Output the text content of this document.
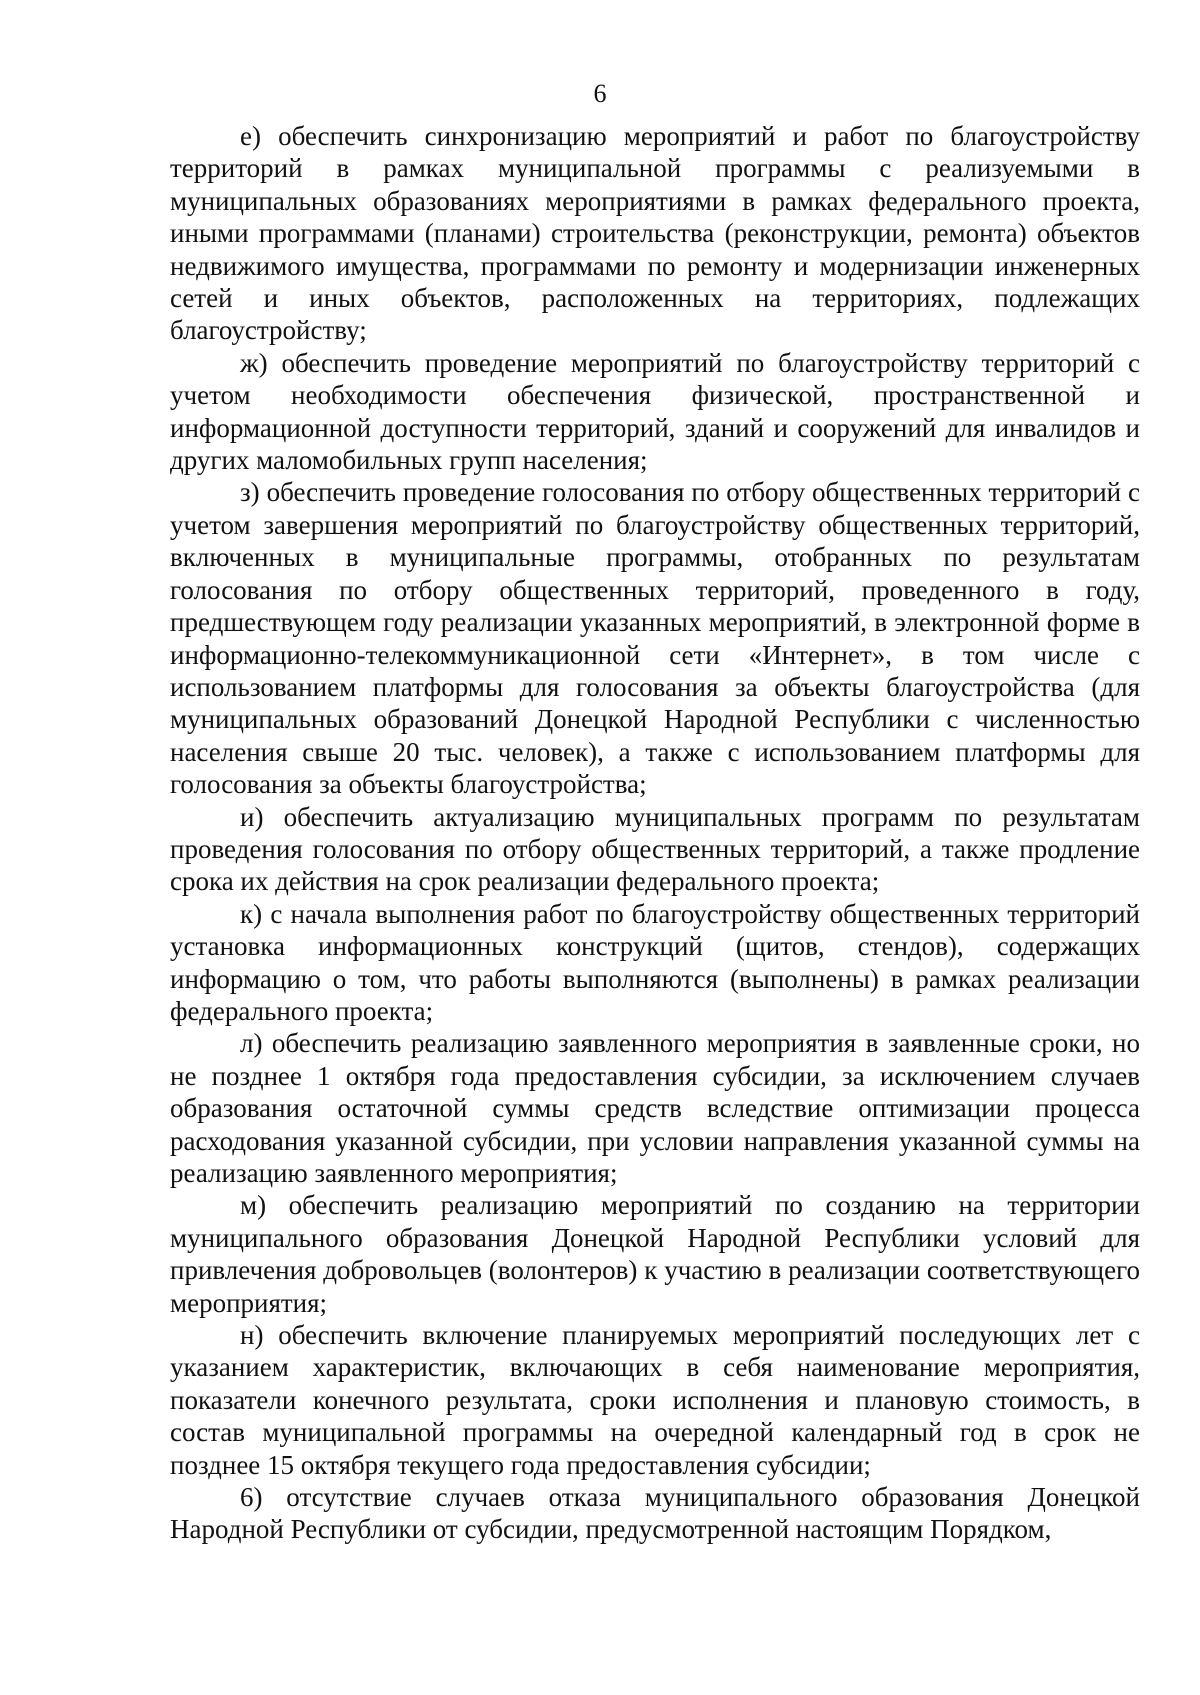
6

е) обеспечить синхронизацию мероприятий и работ по благоустройству территорий в рамках муниципальной программы с реализуемыми в муниципальных образованиях мероприятиями в рамках федерального проекта, иными программами (планами) строительства (реконструкции, ремонта) объектов недвижимого имущества, программами по ремонту и модернизации инженерных сетей и иных объектов, расположенных на территориях, подлежащих благоустройству;

ж) обеспечить проведение мероприятий по благоустройству территорий с учетом необходимости обеспечения физической, пространственной и информационной доступности территорий, зданий и сооружений для инвалидов и других маломобильных групп населения;

з) обеспечить проведение голосования по отбору общественных территорий с учетом завершения мероприятий по благоустройству общественных территорий, включенных в муниципальные программы, отобранных по результатам голосования по отбору общественных территорий, проведенного в году, предшествующем году реализации указанных мероприятий, в электронной форме в информационно-телекоммуникационной сети «Интернет», в том числе с использованием платформы для голосования за объекты благоустройства (для муниципальных образований Донецкой Народной Республики с численностью населения свыше 20 тыс. человек), а также с использованием платформы для голосования за объекты благоустройства;

и) обеспечить актуализацию муниципальных программ по результатам проведения голосования по отбору общественных территорий, а также продление срока их действия на срок реализации федерального проекта;

к) с начала выполнения работ по благоустройству общественных территорий установка информационных конструкций (щитов, стендов), содержащих информацию о том, что работы выполняются (выполнены) в рамках реализации федерального проекта;

л) обеспечить реализацию заявленного мероприятия в заявленные сроки, но не позднее 1 октября года предоставления субсидии, за исключением случаев образования остаточной суммы средств вследствие оптимизации процесса расходования указанной субсидии, при условии направления указанной суммы на реализацию заявленного мероприятия;

м) обеспечить реализацию мероприятий по созданию на территории муниципального образования Донецкой Народной Республики условий для привлечения добровольцев (волонтеров) к участию в реализации соответствующего мероприятия;

н) обеспечить включение планируемых мероприятий последующих лет с указанием характеристик, включающих в себя наименование мероприятия, показатели конечного результата, сроки исполнения и плановую стоимость, в состав муниципальной программы на очередной календарный год в срок не позднее 15 октября текущего года предоставления субсидии;

6) отсутствие случаев отказа муниципального образования Донецкой Народной Республики от субсидии, предусмотренной настоящим Порядком,
